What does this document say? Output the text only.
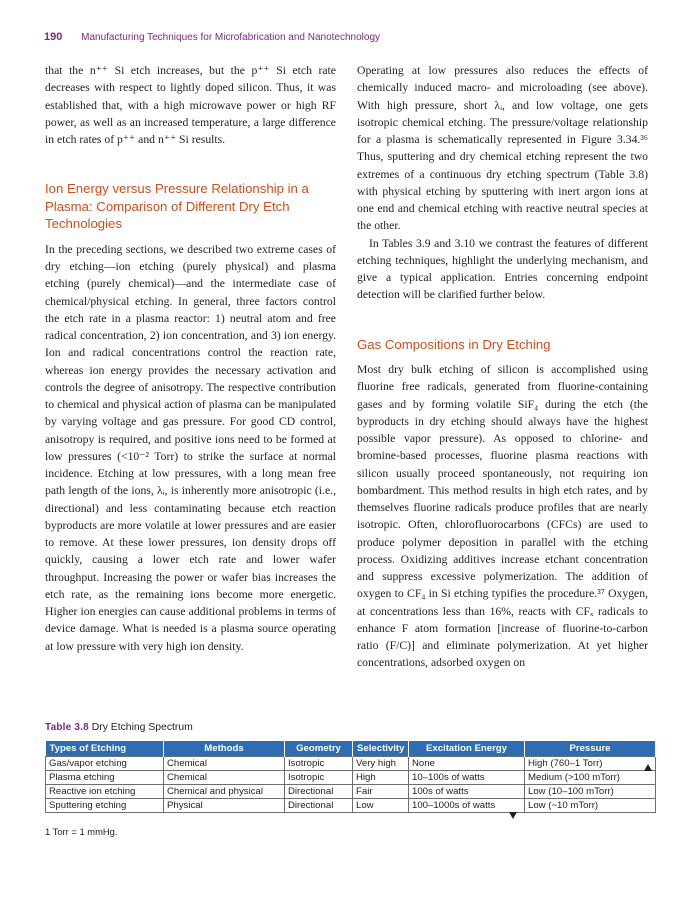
190 Manufacturing Techniques for Microfabrication and Nanotechnology

that the n⁺⁺ Si etch increases, but the p⁺⁺ Si etch rate decreases with respect to lightly doped silicon. Thus, it was established that, with a high microwave power or high RF power, as well as an increased temperature, a large difference in etch rates of p⁺⁺ and n⁺⁺ Si results.

Ion Energy versus Pressure Relationship in a Plasma: Comparison of Different Dry Etch Technologies

In the preceding sections, we described two extreme cases of dry etching—ion etching (purely physical) and plasma etching (purely chemical)—and the intermediate case of chemical/physical etching. In general, three factors control the etch rate in a plasma reactor: 1) neutral atom and free radical concentration, 2) ion concentration, and 3) ion energy. Ion and radical concentrations control the reaction rate, whereas ion energy provides the necessary activation and controls the degree of anisotropy. The respective contribution to chemical and physical action of plasma can be manipulated by varying voltage and gas pressure. For good CD control, anisotropy is required, and positive ions need to be formed at low pressures (<10⁻² Torr) to strike the surface at normal incidence. Etching at low pressures, with a long mean free path length of the ions, λᵢ, is inherently more anisotropic (i.e., directional) and less contaminating because etch reaction byproducts are more volatile at lower pressures and are easier to remove. At these lower pressures, ion density drops off quickly, causing a lower etch rate and lower wafer throughput. Increasing the power or wafer bias increases the etch rate, as the remaining ions become more energetic. Higher ion energies can cause additional problems in terms of device damage. What is needed is a plasma source operating at low pressure with very high ion density.

Operating at low pressures also reduces the effects of chemically induced macro- and microloading (see above). With high pressure, short λᵢ, and low voltage, one gets isotropic chemical etching. The pressure/voltage relationship for a plasma is schematically represented in Figure 3.34.³⁶ Thus, sputtering and dry chemical etching represent the two extremes of a continuous dry etching spectrum (Table 3.8) with physical etching by sputtering with inert argon ions at one end and chemical etching with reactive neutral species at the other.

In Tables 3.9 and 3.10 we contrast the features of different etching techniques, highlight the underlying mechanism, and give a typical application. Entries concerning endpoint detection will be clarified further below.

Gas Compositions in Dry Etching

Most dry bulk etching of silicon is accomplished using fluorine free radicals, generated from fluorine-containing gases and by forming volatile SiF₄ during the etch (the byproducts in dry etching should always have the highest possible vapor pressure). As opposed to chlorine- and bromine-based processes, fluorine plasma reactions with silicon usually proceed spontaneously, not requiring ion bombardment. This method results in high etch rates, and by themselves fluorine radicals produce profiles that are nearly isotropic. Often, chlorofluorocarbons (CFCs) are used to produce polymer deposition in parallel with the etching process. Oxidizing additives increase etchant concentration and suppress excessive polymerization. The addition of oxygen to CF₄ in Si etching typifies the procedure.³⁷ Oxygen, at concentrations less than 16%, reacts with CFₓ radicals to enhance F atom formation [increase of fluorine-to-carbon ratio (F/C)] and eliminate polymerization. At yet higher concentrations, adsorbed oxygen on

Table 3.8 Dry Etching Spectrum
Types of Etching	Methods	Geometry	Selectivity	Excitation Energy	Pressure
Gas/vapor etching	Chemical	Isotropic	Very high	None	High (760–1 Torr)
Plasma etching	Chemical	Isotropic	High	10–100s of watts	Medium (>100 mTorr)
Reactive ion etching	Chemical and physical	Directional	Fair	100s of watts	Low (10–100 mTorr)
Sputtering etching	Physical	Directional	Low	100–1000s of watts	Low (~10 mTorr)
1 Torr = 1 mmHg.
